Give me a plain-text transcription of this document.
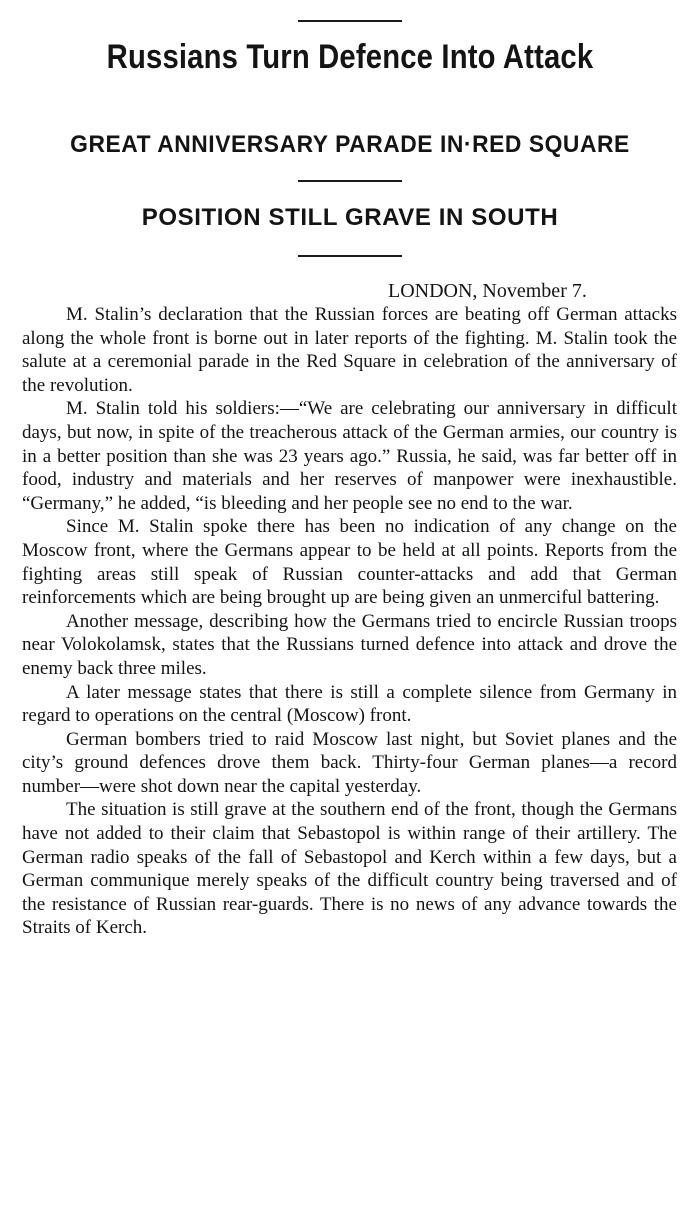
Russians Turn Defence Into Attack
GREAT ANNIVERSARY PARADE IN·RED SQUARE
POSITION STILL GRAVE IN SOUTH

LONDON, November 7.

M. Stalin’s declaration that the Russian forces are beating off German attacks along the whole front is borne out in later reports of the fighting. M. Stalin took the salute at a ceremonial parade in the Red Square in celebration of the anniversary of the revolution.

M. Stalin told his soldiers:—“We are celebrating our anniversary in difficult days, but now, in spite of the treacherous attack of the German armies, our country is in a better position than she was 23 years ago.” Russia, he said, was far better off in food, industry and materials and her reserves of manpower were inexhaustible. “Germany,” he added, “is bleeding and her people see no end to the war.

Since M. Stalin spoke there has been no indication of any change on the Moscow front, where the Germans appear to be held at all points. Reports from the fighting areas still speak of Russian counter-attacks and add that German reinforcements which are being brought up are being given an unmerciful battering.

Another message, describing how the Germans tried to encircle Russian troops near Volokolamsk, states that the Russians turned defence into attack and drove the enemy back three miles.

A later message states that there is still a complete silence from Germany in regard to operations on the central (Moscow) front.

German bombers tried to raid Moscow last night, but Soviet planes and the city’s ground defences drove them back. Thirty-four German planes—a record number—were shot down near the capital yesterday.

The situation is still grave at the southern end of the front, though the Germans have not added to their claim that Sebastopol is within range of their artillery. The German radio speaks of the fall of Sebastopol and Kerch within a few days, but a German communique merely speaks of the difficult country being traversed and of the resistance of Russian rear-guards. There is no news of any advance towards the Straits of Kerch.
